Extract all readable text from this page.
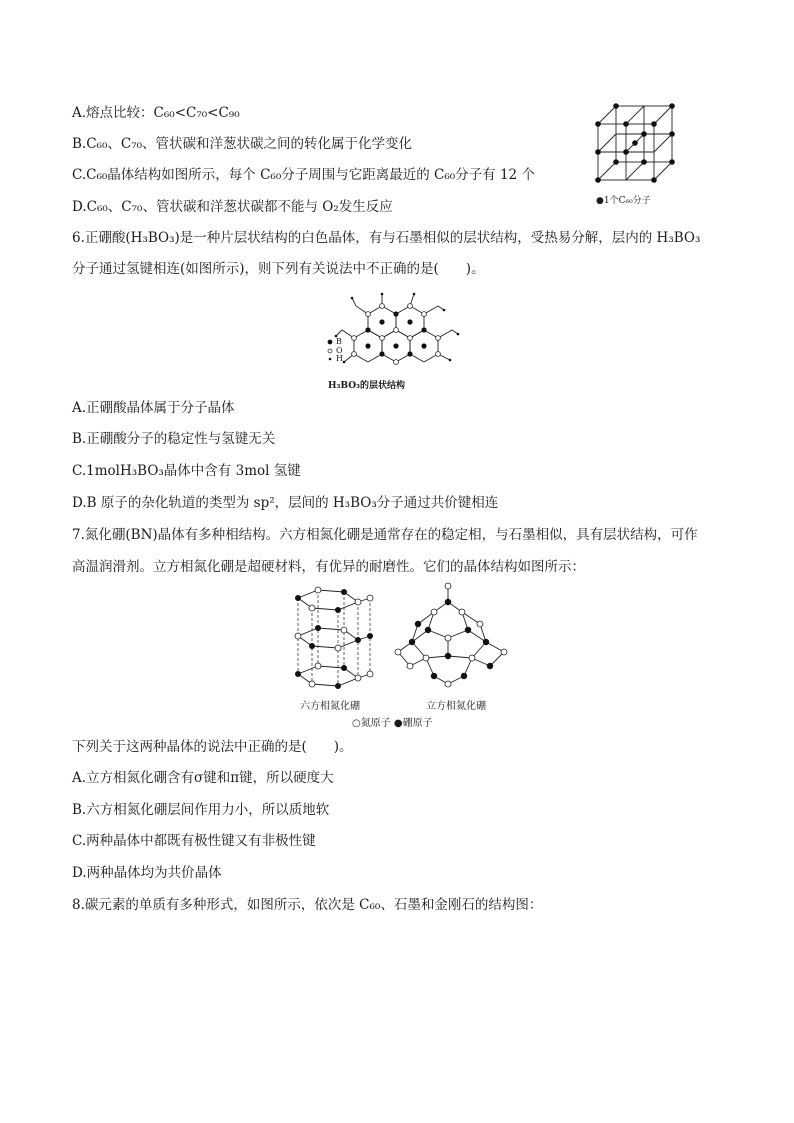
A.熔点比较：C₆₀<C₇₀<C₉₀
B.C₆₀、C₇₀、管状碳和洋葱状碳之间的转化属于化学变化
C.C₆₀晶体结构如图所示，每个 C₆₀分子周围与它距离最近的 C₆₀分子有 12 个
D.C₆₀、C₇₀、管状碳和洋葱状碳都不能与 O₂发生反应	●1个C₆₀分子
6.正硼酸(H₃BO₃)是一种片层状结构的白色晶体，有与石墨相似的层状结构，受热易分解，层内的 H₃BO₃
分子通过氢键相连(如图所示)，则下列有关说法中不正确的是(　　)。
B
O
H
H₃BO₃的层状结构
A.正硼酸晶体属于分子晶体
B.正硼酸分子的稳定性与氢键无关
C.1molH₃BO₃晶体中含有 3mol 氢键
D.B 原子的杂化轨道的类型为 sp²，层间的 H₃BO₃分子通过共价键相连
7.氮化硼(BN)晶体有多种相结构。六方相氮化硼是通常存在的稳定相，与石墨相似，具有层状结构，可作
高温润滑剂。立方相氮化硼是超硬材料，有优异的耐磨性。它们的晶体结构如图所示：
六方相氮化硼	立方相氮化硼
○氮原子 ●硼原子
下列关于这两种晶体的说法中正确的是(　　)。
A.立方相氮化硼含有σ键和π键，所以硬度大
B.六方相氮化硼层间作用力小，所以质地软
C.两种晶体中都既有极性键又有非极性键
D.两种晶体均为共价晶体
8.碳元素的单质有多种形式，如图所示，依次是 C₆₀、石墨和金刚石的结构图：
